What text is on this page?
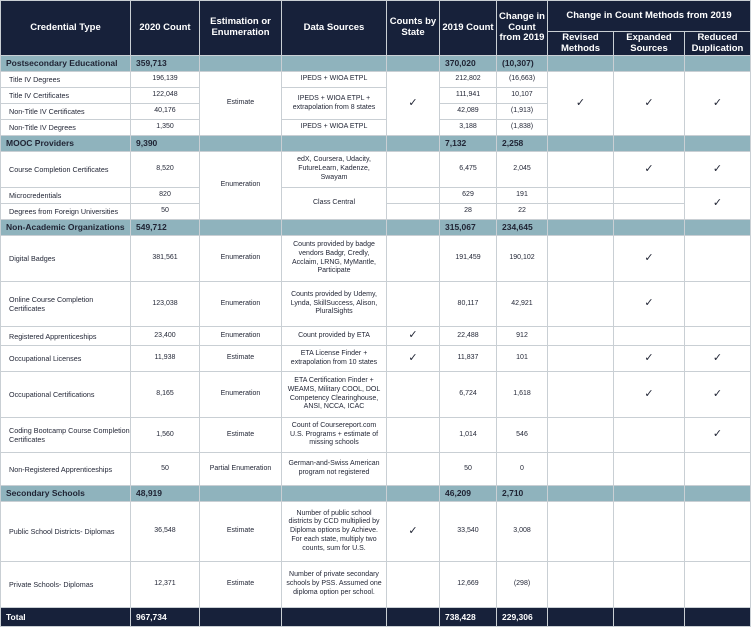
Credential Type	2020 Count	Estimation or Enumeration	Data Sources	Counts by State	2019 Count	Change in Count from 2019	Change in Count Methods from 2019		
							Revised Methods	Expanded Sources	Reduced Duplication
Postsecondary Educational	359,713				370,020	(10,307)			
Title IV Degrees	196,139	Estimate	IPEDS + WIOA ETPL	✓	212,802	(16,663)	✓	✓	✓
Title IV Certificates	122,048		IPEDS + WIOA ETPL + extrapolation from 8 states		111,941	10,107			
Non-Title IV Certificates	40,176				42,089	(1,913)			
Non-Title IV Degrees	1,350		IPEDS + WIOA ETPL		3,188	(1,838)			
MOOC Providers	9,390				7,132	2,258			
Course Completion Certificates	8,520	Enumeration	edX, Coursera, Udacity, FutureLearn, Kadenze, Swayam		6,475	2,045		✓	✓
Microcredentials	820		Class Central		629	191			✓
Degrees from Foreign Universities	50				28	22			
Non-Academic Organizations	549,712				315,067	234,645			
Digital Badges	381,561	Enumeration	Counts provided by badge vendors Badgr, Credly, Acclaim, LRNG, MyMantle, Participate		191,459	190,102		✓	
Online Course Completion Certificates	123,038	Enumeration	Counts provided by Udemy, Lynda, SkillSuccess, Alison, PluralSights		80,117	42,921		✓	
Registered Apprenticeships	23,400	Enumeration	Count provided by ETA	✓	22,488	912			
Occupational Licenses	11,938	Estimate	ETA License Finder + extrapolation from 10 states	✓	11,837	101		✓	✓
Occupational Certifications	8,165	Enumeration	ETA Certification Finder + WEAMS, Military COOL, DOL Competency Clearinghouse, ANSI, NCCA, ICAC		6,724	1,618		✓	✓
Coding Bootcamp Course Completion Certificates	1,560	Estimate	Count of Coursereport.com U.S. Programs + estimate of missing schools		1,014	546			✓
Non-Registered Apprenticeships	50	Partial Enumeration	German-and-Swiss American program not registered		50	0			
Secondary Schools	48,919				46,209	2,710			
Public School Districts- Diplomas	36,548	Estimate	Number of public school districts by CCD multiplied by Diploma options by Achieve. For each state, multiply two counts, sum for U.S.	✓	33,540	3,008			
Private Schools- Diplomas	12,371	Estimate	Number of private secondary schools by PSS. Assumed one diploma option per school.		12,669	(298)			
Total	967,734				738,428	229,306			
